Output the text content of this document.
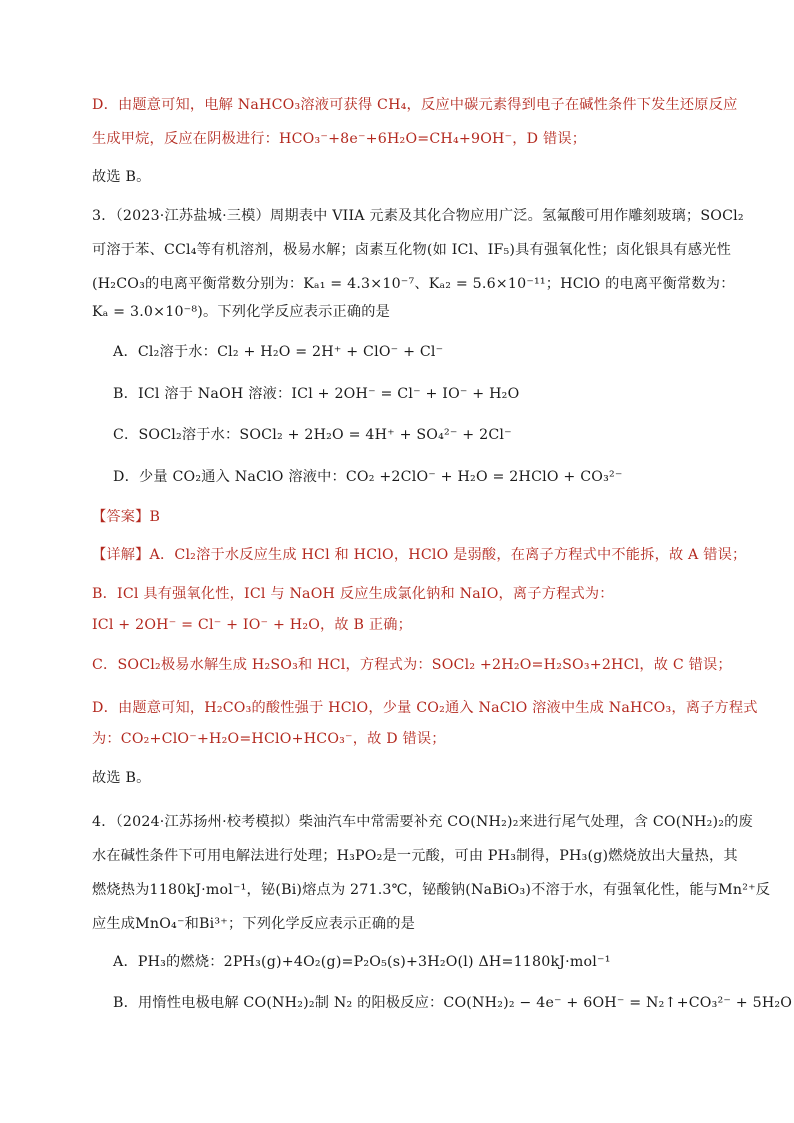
D．由题意可知，电解 NaHCO₃溶液可获得 CH₄，反应中碳元素得到电子在碱性条件下发生还原反应
生成甲烷，反应在阴极进行：HCO₃⁻+8e⁻+6H₂O=CH₄+9OH⁻，D 错误；
故选 B。
3．（2023·江苏盐城·三模）周期表中 VIIA 元素及其化合物应用广泛。氢氟酸可用作雕刻玻璃；SOCl₂
可溶于苯、CCl₄等有机溶剂，极易水解；卤素互化物(如 ICl、IF₅)具有强氧化性；卤化银具有感光性
(H₂CO₃的电离平衡常数分别为：Kₐ₁ = 4.3×10⁻⁷、Kₐ₂ = 5.6×10⁻¹¹；HClO 的电离平衡常数为：
Kₐ = 3.0×10⁻⁸)。下列化学反应表示正确的是
A．Cl₂溶于水：Cl₂ + H₂O = 2H⁺ + ClO⁻ + Cl⁻
B．ICl 溶于 NaOH 溶液：ICl + 2OH⁻ = Cl⁻ + IO⁻ + H₂O
C．SOCl₂溶于水：SOCl₂ + 2H₂O = 4H⁺ + SO₄²⁻ + 2Cl⁻
D．少量 CO₂通入 NaClO 溶液中：CO₂ +2ClO⁻ + H₂O = 2HClO + CO₃²⁻
【答案】B
【详解】A．Cl₂溶于水反应生成 HCl 和 HClO，HClO 是弱酸，在离子方程式中不能拆，故 A 错误；
B．ICl 具有强氧化性，ICl 与 NaOH 反应生成氯化钠和 NaIO，离子方程式为：
ICl + 2OH⁻ = Cl⁻ + IO⁻ + H₂O，故 B 正确；
C．SOCl₂极易水解生成 H₂SO₃和 HCl，方程式为：SOCl₂ +2H₂O=H₂SO₃+2HCl，故 C 错误；
D．由题意可知，H₂CO₃的酸性强于 HClO，少量 CO₂通入 NaClO 溶液中生成 NaHCO₃，离子方程式
为：CO₂+ClO⁻+H₂O=HClO+HCO₃⁻，故 D 错误；
故选 B。
4．（2024·江苏扬州·校考模拟）柴油汽车中常需要补充 CO(NH₂)₂来进行尾气处理，含 CO(NH₂)₂的废
水在碱性条件下可用电解法进行处理；H₃PO₂是一元酸，可由 PH₃制得，PH₃(g)燃烧放出大量热，其
燃烧热为1180kJ·mol⁻¹，铋(Bi)熔点为 271.3℃，铋酸钠(NaBiO₃)不溶于水，有强氧化性，能与Mn²⁺反
应生成MnO₄⁻和Bi³⁺；下列化学反应表示正确的是
A．PH₃的燃烧：2PH₃(g)+4O₂(g)=P₂O₅(s)+3H₂O(l) ΔH=1180kJ·mol⁻¹
B．用惰性电极电解 CO(NH₂)₂制 N₂ 的阳极反应：CO(NH₂)₂ − 4e⁻ + 6OH⁻ = N₂↑+CO₃²⁻ + 5H₂O
